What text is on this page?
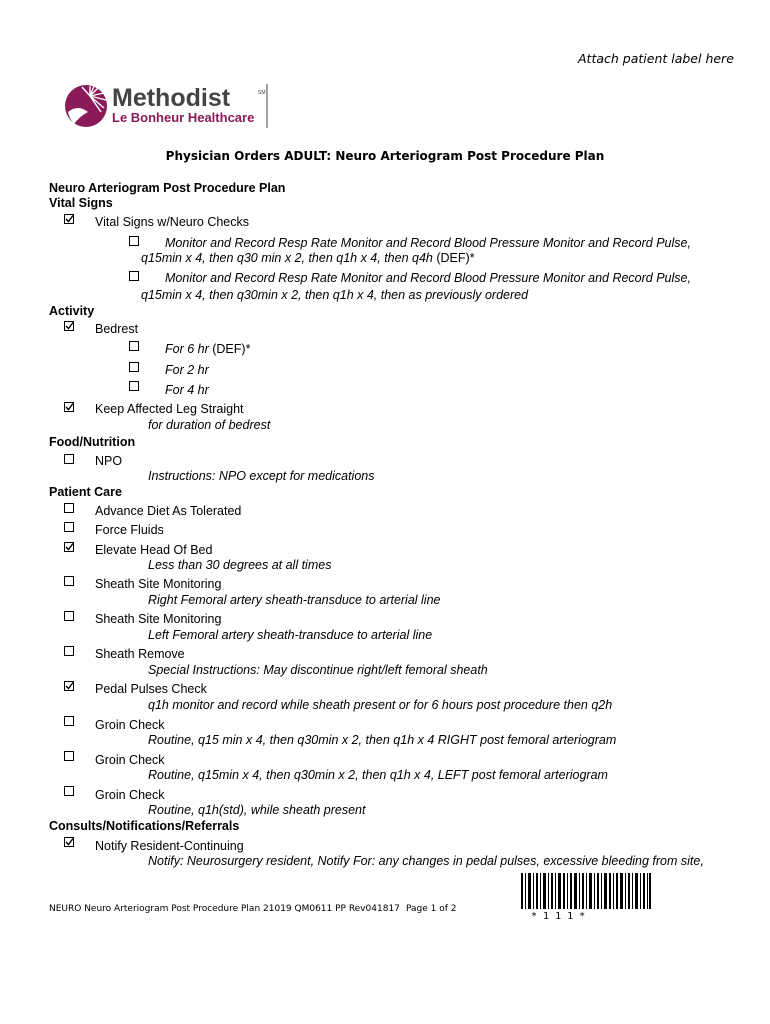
Attach patient label here
Methodist	SM
Le Bonheur Healthcare
Physician Orders ADULT: Neuro Arteriogram Post Procedure Plan
Neuro Arteriogram Post Procedure Plan
Vital Signs
Vital Signs w/Neuro Checks
Monitor and Record Resp Rate Monitor and Record Blood Pressure Monitor and Record Pulse,
q15min x 4, then q30 min x 2, then q1h x 4, then q4h (DEF)*
Monitor and Record Resp Rate Monitor and Record Blood Pressure Monitor and Record Pulse,
q15min x 4, then q30min x 2, then q1h x 4, then as previously ordered
Activity
Bedrest
For 6 hr (DEF)*
For 2 hr
For 4 hr
Keep Affected Leg Straight
for duration of bedrest
Food/Nutrition
NPO
Instructions: NPO except for medications
Patient Care
Advance Diet As Tolerated
Force Fluids
Elevate Head Of Bed
Less than 30 degrees at all times
Sheath Site Monitoring
Right Femoral artery sheath-transduce to arterial line
Sheath Site Monitoring
Left Femoral artery sheath-transduce to arterial line
Sheath Remove
Special Instructions: May discontinue right/left femoral sheath
Pedal Pulses Check
q1h monitor and record while sheath present or for 6 hours post procedure then q2h
Groin Check
Routine, q15 min x 4, then q30min x 2, then q1h x 4 RIGHT post femoral arteriogram
Groin Check
Routine, q15min x 4, then q30min x 2, then q1h x 4, LEFT post femoral arteriogram
Groin Check
Routine, q1h(std), while sheath present
Consults/Notifications/Referrals
Notify Resident-Continuing
Notify: Neurosurgery resident, Notify For: any changes in pedal pulses, excessive bleeding from site,
NEURO Neuro Arteriogram Post Procedure Plan 21019 QM0611 PP Rev041817 Page 1 of 2
* 1 1 1 *
